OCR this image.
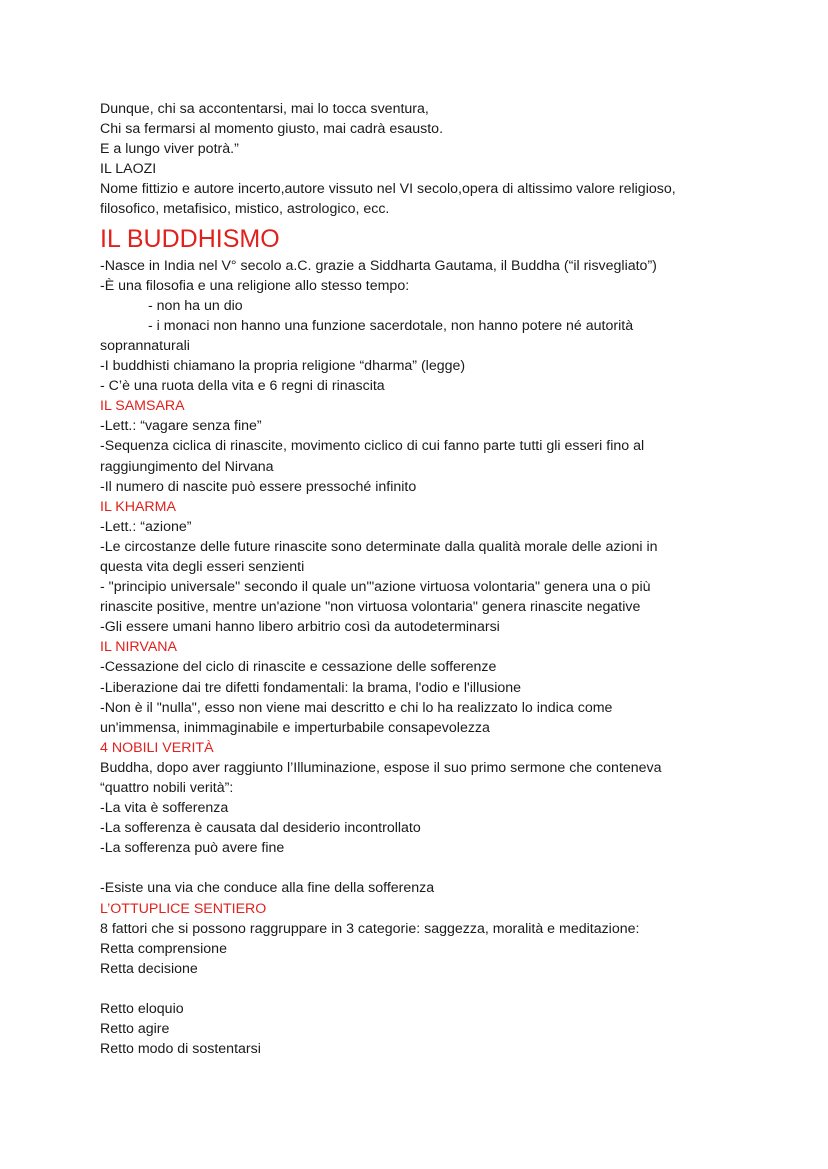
Dunque, chi sa accontentarsi, mai lo tocca sventura,
Chi sa fermarsi al momento giusto, mai cadrà esausto.
E a lungo viver potrà.”
IL LAOZI
Nome fittizio e autore incerto,autore vissuto nel VI secolo,opera di altissimo valore religioso,
filosofico, metafisico, mistico, astrologico, ecc.
IL BUDDHISMO
-Nasce in India nel V° secolo a.C. grazie a Siddharta Gautama, il Buddha (“il risvegliato”)
-È una filosofia e una religione allo stesso tempo:
- non ha un dio
- i monaci non hanno una funzione sacerdotale, non hanno potere né autorità
soprannaturali
-I buddhisti chiamano la propria religione “dharma” (legge)
- C’è una ruota della vita e 6 regni di rinascita
IL SAMSARA
-Lett.: “vagare senza fine”
-Sequenza ciclica di rinascite, movimento ciclico di cui fanno parte tutti gli esseri fino al
raggiungimento del Nirvana
-Il numero di nascite può essere pressoché infinito
IL KHARMA
-Lett.: “azione”
-Le circostanze delle future rinascite sono determinate dalla qualità morale delle azioni in
questa vita degli esseri senzienti
- "principio universale" secondo il quale un'"azione virtuosa volontaria" genera una o più
rinascite positive, mentre un'azione "non virtuosa volontaria" genera rinascite negative
-Gli essere umani hanno libero arbitrio così da autodeterminarsi
IL NIRVANA
-Cessazione del ciclo di rinascite e cessazione delle sofferenze
-Liberazione dai tre difetti fondamentali: la brama, l'odio e l'illusione
-Non è il "nulla", esso non viene mai descritto e chi lo ha realizzato lo indica come
un'immensa, inimmaginabile e imperturbabile consapevolezza
4 NOBILI VERITÀ
Buddha, dopo aver raggiunto l’Illuminazione, espose il suo primo sermone che conteneva
“quattro nobili verità”:
-La vita è sofferenza
-La sofferenza è causata dal desiderio incontrollato
-La sofferenza può avere fine
-Esiste una via che conduce alla fine della sofferenza
L’OTTUPLICE SENTIERO
8 fattori che si possono raggruppare in 3 categorie: saggezza, moralità e meditazione:
Retta comprensione
Retta decisione
Retto eloquio
Retto agire
Retto modo di sostentarsi
